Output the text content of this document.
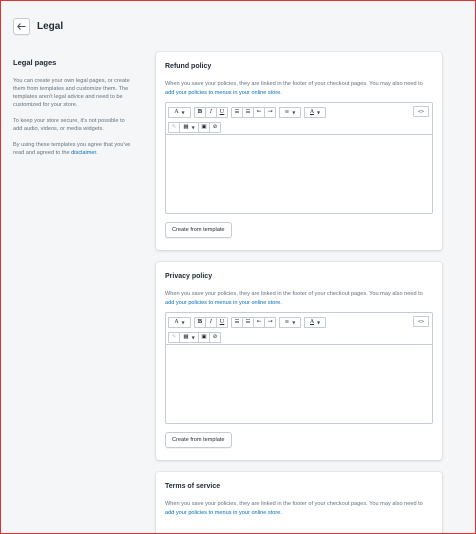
Legal
Legal pages

You can create your own legal pages, or create them from templates and customize them. The templates aren't legal advice and need to be customized for your store.

To keep your store secure, it's not possible to add audio, videos, or media widgets.

By using these templates you agree that you've read and agreed to the disclaimer.

Refund policy

When you save your policies, they are linked in the footer of your checkout pages. You may also need to add your policies to menus in your online store.

A ▼	B	I	U	☰ ☰ ⇤ ⇥ ≡ ▼	A ▼
✎ ▦ ▼ ▣ ⊘
<>
Create from template
Privacy policy

When you save your policies, they are linked in the footer of your checkout pages. You may also need to add your policies to menus in your online store.

A ▼	B	I	U	☰ ☰ ⇤ ⇥ ≡ ▼	A ▼
✎ ▦ ▼ ▣ ⊘
<>
Create from template
Terms of service

When you save your policies, they are linked in the footer of your checkout pages. You may also need to add your policies to menus in your online store.
